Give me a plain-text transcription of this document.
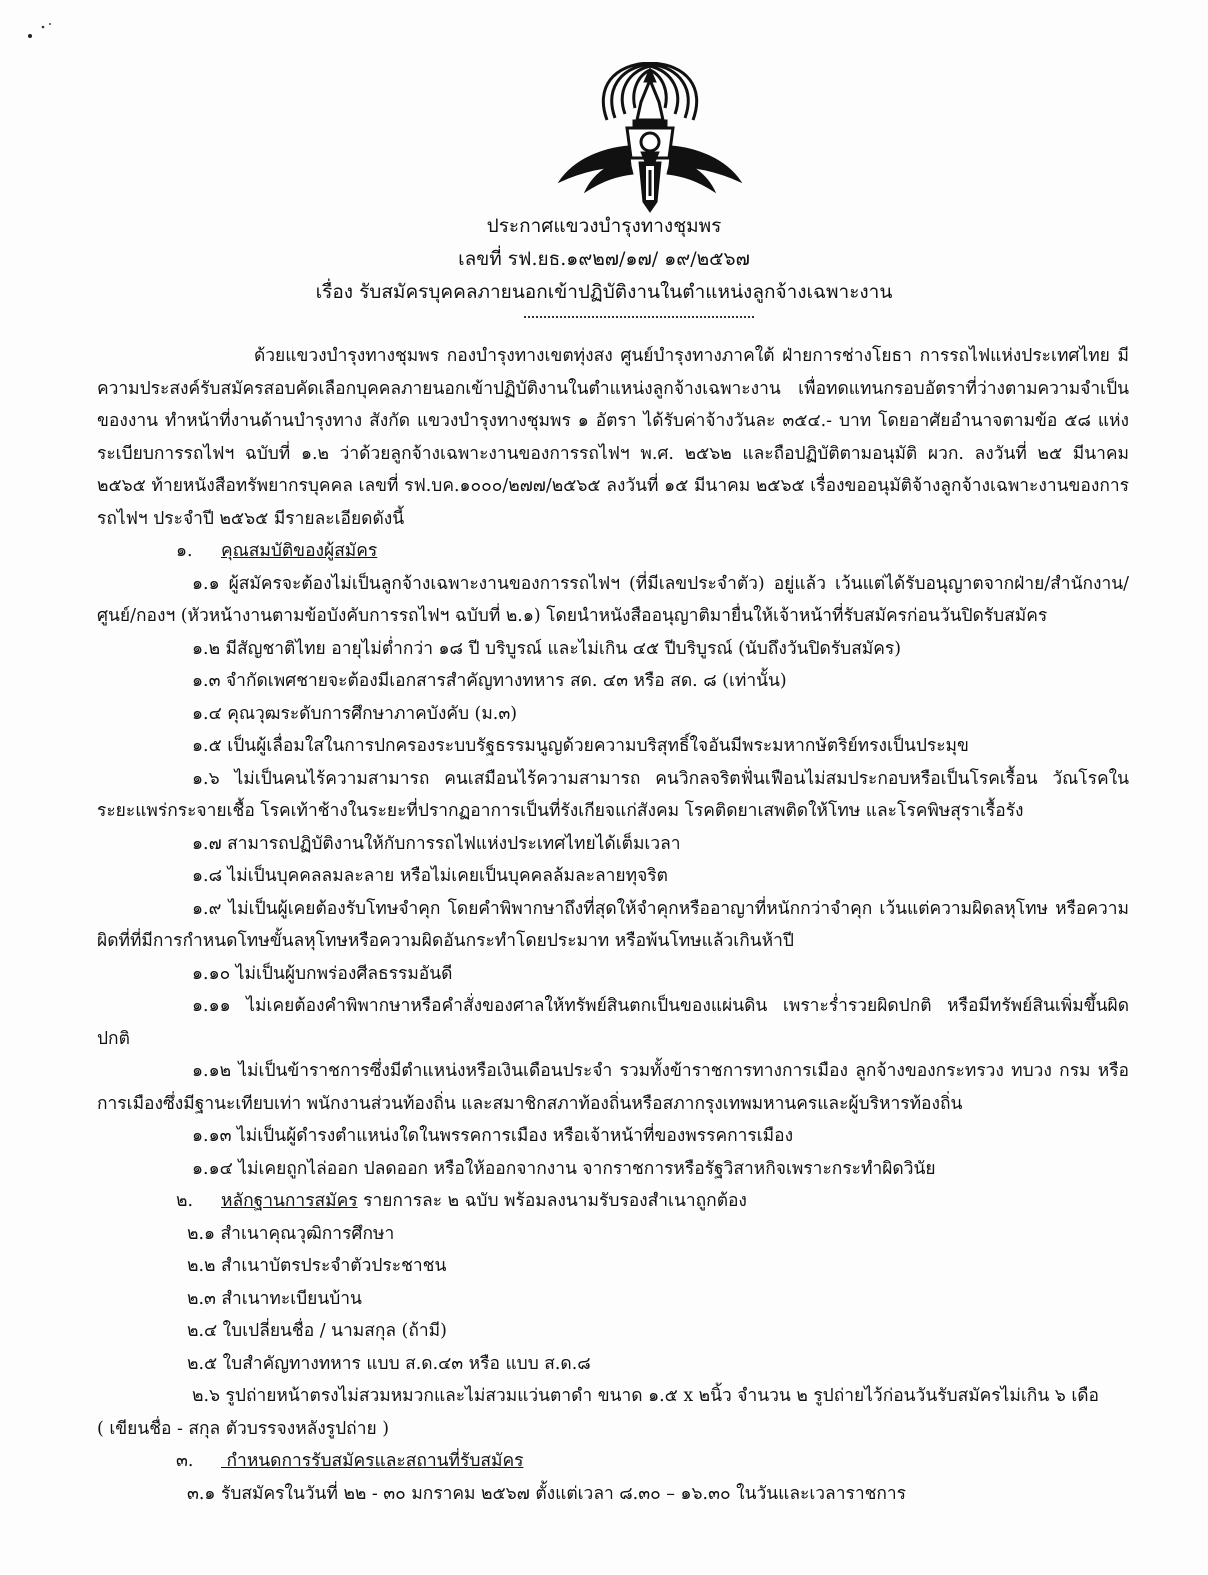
ประกาศแขวงบำรุงทางชุมพร
เลขที่ รฟ.ยธ.๑๙๒๗/๑๗/ ๑๙/๒๕๖๗
เรื่อง รับสมัครบุคคลภายนอกเข้าปฏิบัติงานในตำแหน่งลูกจ้างเฉพาะงาน

ด้วยแขวงบำรุงทางชุมพร กองบำรุงทางเขตทุ่งสง ศูนย์บำรุงทางภาคใต้ ฝ่ายการช่างโยธา การรถไฟแห่งประเทศไทย มีความประสงค์รับสมัครสอบคัดเลือกบุคคลภายนอกเข้าปฏิบัติงานในตำแหน่งลูกจ้างเฉพาะงาน เพื่อทดแทนกรอบอัตราที่ว่างตามความจำเป็นของงาน ทำหน้าที่งานด้านบำรุงทาง สังกัด แขวงบำรุงทางชุมพร ๑ อัตรา ได้รับค่าจ้างวันละ ๓๕๔.- บาท โดยอาศัยอำนาจตามข้อ ๕๘ แห่งระเบียบการรถไฟฯ ฉบับที่ ๑.๒ ว่าด้วยลูกจ้างเฉพาะงานของการรถไฟฯ พ.ศ. ๒๕๖๒ และถือปฏิบัติตามอนุมัติ ผวก. ลงวันที่ ๒๕ มีนาคม ๒๕๖๕ ท้ายหนังสือทรัพยากรบุคคล เลขที่ รฟ.บค.๑๐๐๐/๒๗๗/๒๕๖๕ ลงวันที่ ๑๕ มีนาคม ๒๕๖๕ เรื่องขออนุมัติจ้างลูกจ้างเฉพาะงานของการรถไฟฯ ประจำปี ๒๕๖๕ มีรายละเอียดดังนี้

๑. คุณสมบัติของผู้สมัคร

๑.๑ ผู้สมัครจะต้องไม่เป็นลูกจ้างเฉพาะงานของการรถไฟฯ (ที่มีเลขประจำตัว) อยู่แล้ว เว้นแต่ได้รับอนุญาตจากฝ่าย/สำนักงาน/ศูนย์/กองฯ (หัวหน้างานตามข้อบังคับการรถไฟฯ ฉบับที่ ๒.๑) โดยนำหนังสืออนุญาติมายื่นให้เจ้าหน้าที่รับสมัครก่อนวันปิดรับสมัคร

๑.๒ มีสัญชาติไทย อายุไม่ต่ำกว่า ๑๘ ปี บริบูรณ์ และไม่เกิน ๔๕ ปีบริบูรณ์ (นับถึงวันปิดรับสมัคร)

๑.๓ จำกัดเพศชายจะต้องมีเอกสารสำคัญทางทหาร สด. ๔๓ หรือ สด. ๘ (เท่านั้น)

๑.๔ คุณวุฒระดับการศึกษาภาคบังคับ (ม.๓)

๑.๕ เป็นผู้เลื่อมใสในการปกครองระบบรัฐธรรมนูญด้วยความบริสุทธิ์ใจอันมีพระมหากษัตริย์ทรงเป็นประมุข

๑.๖ ไม่เป็นคนไร้ความสามารถ คนเสมือนไร้ความสามารถ คนวิกลจริตฟั่นเฟือนไม่สมประกอบหรือเป็นโรคเรื้อน วัณโรคในระยะแพร่กระจายเชื้อ โรคเท้าช้างในระยะที่ปรากฏอาการเป็นที่รังเกียจแก่สังคม โรคติดยาเสพติดให้โทษ และโรคพิษสุราเรื้อรัง

๑.๗ สามารถปฏิบัติงานให้กับการรถไฟแห่งประเทศไทยได้เต็มเวลา

๑.๘ ไม่เป็นบุคคลลมละลาย หรือไม่เคยเป็นบุคคลล้มละลายทุจริต

๑.๙ ไม่เป็นผู้เคยต้องรับโทษจำคุก โดยคำพิพากษาถึงที่สุดให้จำคุกหรืออาญาที่หนักกว่าจำคุก เว้นแต่ความผิดลหุโทษ หรือความผิดที่ที่มีการกำหนดโทษขั้นลหุโทษหรือความผิดอันกระทำโดยประมาท หรือพ้นโทษแล้วเกินห้าปี

๑.๑๐ ไม่เป็นผู้บกพร่องศีลธรรมอันดี

๑.๑๑ ไม่เคยต้องคำพิพากษาหรือคำสั่งของศาลให้ทรัพย์สินตกเป็นของแผ่นดิน เพราะร่ำรวยผิดปกติ หรือมีทรัพย์สินเพิ่มขึ้นผิดปกติ

๑.๑๒ ไม่เป็นข้าราชการซึ่งมีตำแหน่งหรือเงินเดือนประจำ รวมทั้งข้าราชการทางการเมือง ลูกจ้างของกระทรวง ทบวง กรม หรือ การเมืองซึ่งมีฐานะเทียบเท่า พนักงานส่วนท้องถิ่น และสมาชิกสภาท้องถิ่นหรือสภากรุงเทพมหานครและผู้บริหารท้องถิ่น

๑.๑๓ ไม่เป็นผู้ดำรงตำแหน่งใดในพรรคการเมือง หรือเจ้าหน้าที่ของพรรคการเมือง

๑.๑๔ ไม่เคยถูกไล่ออก ปลดออก หรือให้ออกจากงาน จากราชการหรือรัฐวิสาหกิจเพราะกระทำผิดวินัย

๒. หลักฐานการสมัคร รายการละ ๒ ฉบับ พร้อมลงนามรับรองสำเนาถูกต้อง

๒.๑ สำเนาคุณวุฒิการศึกษา

๒.๒ สำเนาบัตรประจำตัวประชาชน

๒.๓ สำเนาทะเบียนบ้าน

๒.๔ ใบเปลี่ยนชื่อ / นามสกุล (ถ้ามี)

๒.๕ ใบสำคัญทางทหาร แบบ ส.ด.๔๓ หรือ แบบ ส.ด.๘

๒.๖ รูปถ่ายหน้าตรงไม่สวมหมวกและไม่สวมแว่นตาดำ ขนาด ๑.๕ x ๒นิ้ว จำนวน ๒ รูปถ่ายไว้ก่อนวันรับสมัครไม่เกิน ๖ เดือ

( เขียนชื่อ - สกุล ตัวบรรจงหลังรูปถ่าย )

๓. กำหนดการรับสมัครและสถานที่รับสมัคร

๓.๑ รับสมัครในวันที่ ๒๒ - ๓๐ มกราคม ๒๕๖๗ ตั้งแต่เวลา ๘.๓๐ – ๑๖.๓๐ ในวันและเวลาราชการ
